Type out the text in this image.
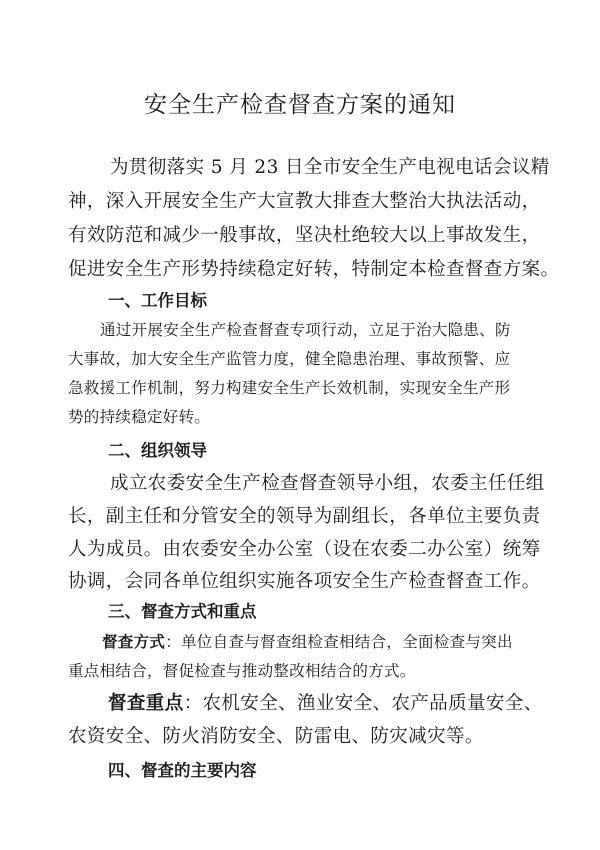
安全生产检查督查方案的通知
为贯彻落实 5 月 23 日全市安全生产电视电话会议精
神，深入开展安全生产大宣教大排查大整治大执法活动，
有效防范和减少一般事故，坚决杜绝较大以上事故发生，
促进安全生产形势持续稳定好转，特制定本检查督查方案。
一、工作目标
通过开展安全生产检查督查专项行动，立足于治大隐患、防
大事故，加大安全生产监管力度，健全隐患治理、事故预警、应
急救援工作机制，努力构建安全生产长效机制，实现安全生产形
势的持续稳定好转。
二、组织领导
成立农委安全生产检查督查领导小组，农委主任任组
长，副主任和分管安全的领导为副组长，各单位主要负责
人为成员。由农委安全办公室（设在农委二办公室）统筹
协调，会同各单位组织实施各项安全生产检查督查工作。
三、督查方式和重点
督查方式：单位自查与督查组检查相结合，全面检查与突出
重点相结合，督促检查与推动整改相结合的方式。
督查重点：农机安全、渔业安全、农产品质量安全、
农资安全、防火消防安全、防雷电、防灾减灾等。
四、督查的主要内容
